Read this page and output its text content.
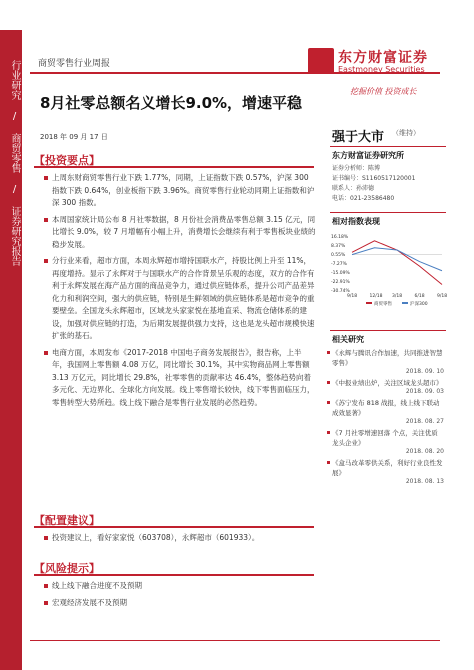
行业研究 / 商贸零售 / 证券研究报告 商贸零售行业周报	东方财富证券
Eastmoney Securities
挖掘价值 投资成长
8月社零总额名义增长9.0%，增速平稳
2018 年 09 月 17 日
【投资要点】
上周东财商贸零售行业下跌 1.77%，同期，上证指数下跌 0.57%，沪深 300 指数下跌 0.64%，创业板指下跌 3.96%。商贸零售行业轮动同期上证指数和沪深 300 指数。
本周国家统计局公布 8 月社零数据，8 月份社会消费品零售总额 3.15 亿元，同比增长 9.0%，较 7 月增幅有小幅上升，消费增长会继续有利于零售板块业绩的稳步发展。
分行业来看，超市方面，本周永辉超市增持国联水产，持股比例上升至 11%，再度增持。显示了永辉对于与国联水产的合作背景呈乐观的态度，双方的合作有利于永辉发展在海产品方面的商品竞争力，通过供应链体系，提升公司产品差异化力和利润空间，强大的供应链，特别是生鲜领域的供应链体系是超市竞争的重要壁垒。全国龙头永辉超市，区域龙头家家悦在基地直采、物流仓储体系的建设，加强对供应链的打造，为后期发展提供强力支持，这也是龙头超市规模快速扩张的基石。
电商方面，本周发布《2017-2018 中国电子商务发展报告》，报告称，上半年，我国网上零售额 4.08 万亿，同比增长 30.1%，其中实物商品网上零售额 3.13 万亿元，同比增长 29.8%，社零零售的贡献率达 46.4%，整体趋势向着多元化、无边界化、全球化方向发展。线上零售增长较快，线下零售面临压力，零售转型大势所趋。线上线下融合是零售行业发展的必然趋势。
【配置建议】
投资建议上，看好家家悦（603708），永辉超市（601933）。
【风险提示】
线上线下融合进度不及预期
宏观经济发展不及预期
强于大市 （维持）
东方财富证券研究所
证券分析师：陈博
证书编号：S1160517120001
联系人：孙沛德
电话：021-23586480
相对指数表现
16.18%
8.37%
0.55%
-7.27%
-15.09%
-22.91%
-30.74%
9/18	12/18 3/18	6/18	9/18
商贸零售	沪深300
相关研究
《永辉与腾讯合作加速，共同推进智慧零售》
2018. 09. 10
《中报业绩出炉，关注区域龙头超市》
2018. 09. 03
《苏宁发布 818 战报，线上线下联动成效显著》
2018. 08. 27
《7 月社零增速回落 个点，关注优质龙头企业》
2018. 08. 20
《盒马改革零供关系，利好行业良性发展》
2018. 08. 13
